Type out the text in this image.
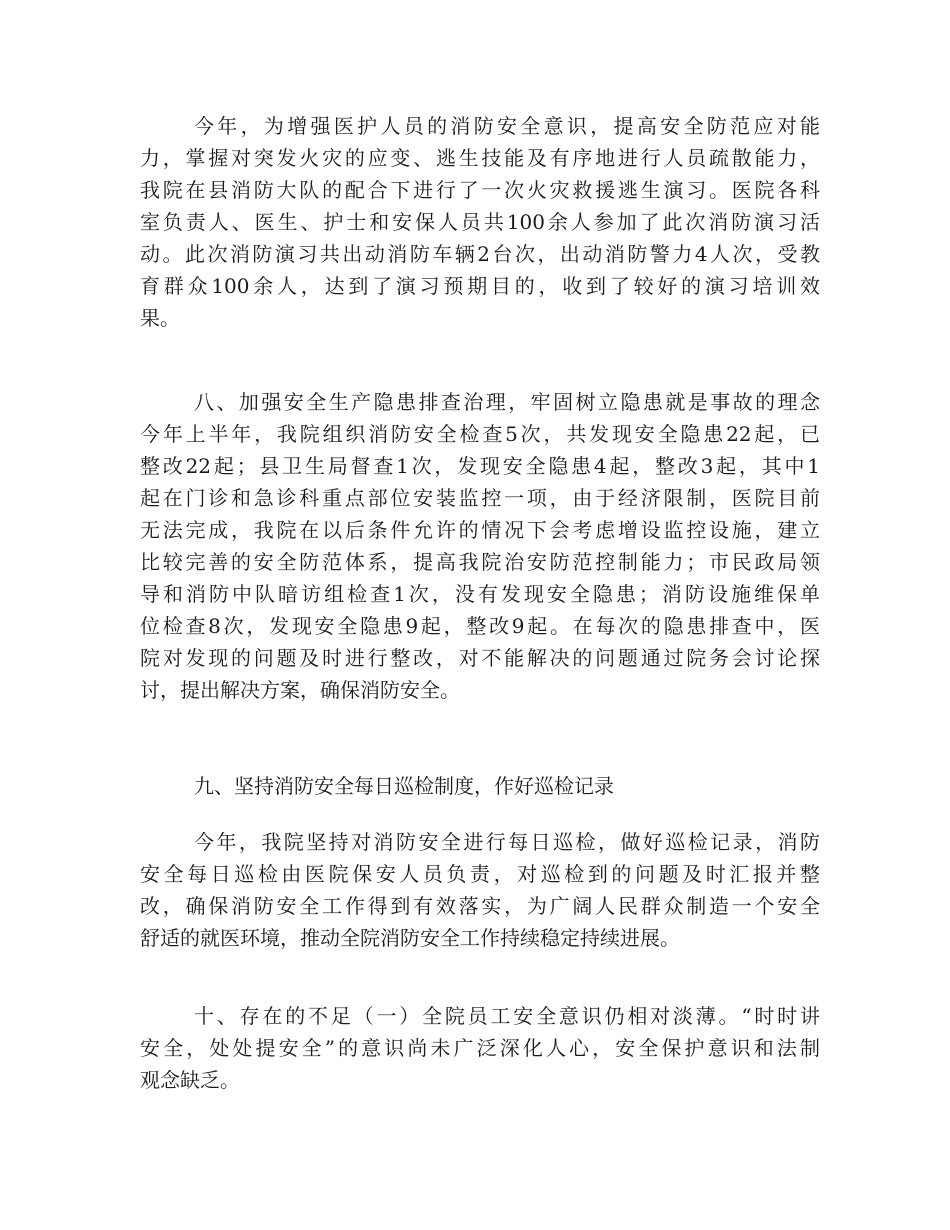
今年，为增强医护人员的消防安全意识，提高安全防范应对能
力，掌握对突发火灾的应变、逃生技能及有序地进行人员疏散能力，
我院在县消防大队的配合下进行了一次火灾救援逃生演习。医院各科
室负责人、医生、护士和安保人员共100余人参加了此次消防演习活
动。此次消防演习共出动消防车辆2台次，出动消防警力4人次，受教
育群众100余人，达到了演习预期目的，收到了较好的演习培训效
果。
八、加强安全生产隐患排查治理，牢固树立隐患就是事故的理念
今年上半年，我院组织消防安全检查5次，共发现安全隐患22起，已
整改22起；县卫生局督查1次，发现安全隐患4起，整改3起，其中1
起在门诊和急诊科重点部位安装监控一项，由于经济限制，医院目前
无法完成，我院在以后条件允许的情况下会考虑增设监控设施，建立
比较完善的安全防范体系，提高我院治安防范控制能力；市民政局领
导和消防中队暗访组检查1次，没有发现安全隐患；消防设施维保单
位检查8次，发现安全隐患9起，整改9起。在每次的隐患排查中，医
院对发现的问题及时进行整改，对不能解决的问题通过院务会讨论探
讨，提出解决方案，确保消防安全。

九、坚持消防安全每日巡检制度，作好巡检记录

今年，我院坚持对消防安全进行每日巡检，做好巡检记录，消防
安全每日巡检由医院保安人员负责，对巡检到的问题及时汇报并整
改，确保消防安全工作得到有效落实，为广阔人民群众制造一个安全
舒适的就医环境，推动全院消防安全工作持续稳定持续进展。
十、存在的不足（一）全院员工安全意识仍相对淡薄。“时时讲
安全，处处提安全”的意识尚未广泛深化人心，安全保护意识和法制
观念缺乏。
